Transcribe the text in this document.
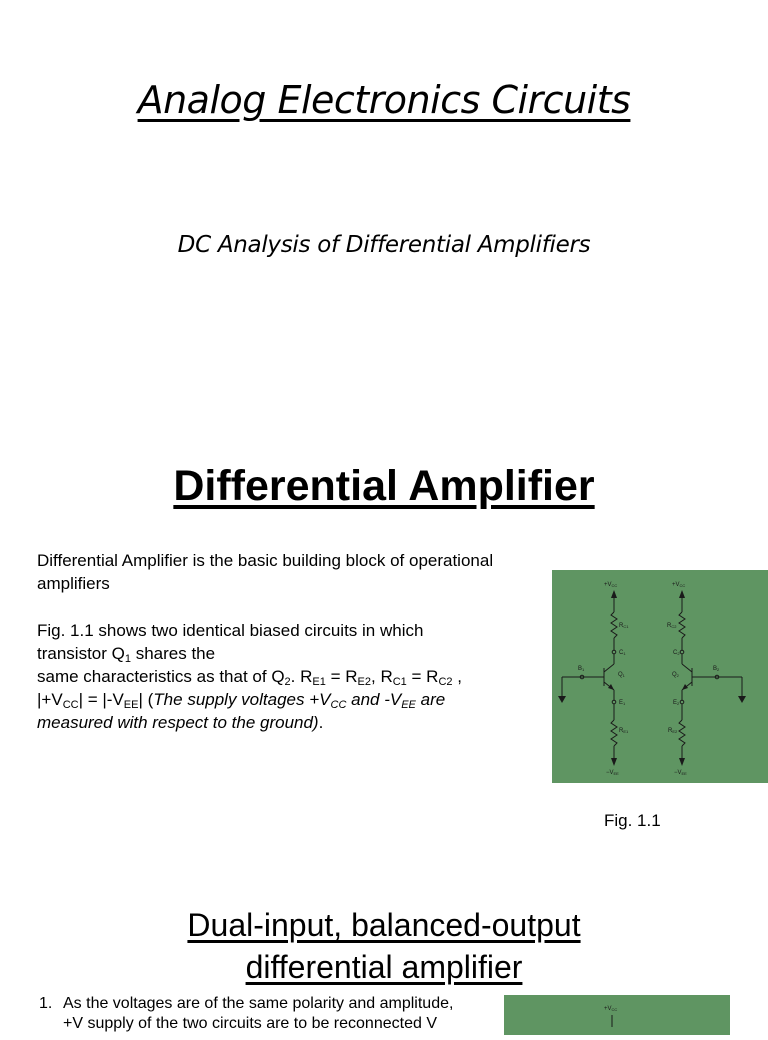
Analog Electronics Circuits
DC Analysis of Differential Amplifiers
Differential Amplifier

Differential Amplifier is the basic building block of operational amplifiers

Fig. 1.1 shows two identical biased circuits in which
transistor $Q_1$ shares the
same characteristics as that of $Q_2$. $R_{E1} = R_{E2}$, $R_{C1} = R_{C2}$ ,
$|+V_{CC}| = |-V_{EE}|$ (The supply voltages $+V_{CC}$ and $-V_{EE}$ are
measured with respect to the ground).

+VCC	+VCC
RC1	RC2
C1	C2
Q1	Q2
B1	B2
E1	E2
RE1	RE2
−VEE	−VEE
Fig. 1.1
Dual-input, balanced-output
differential amplifier
1. As the voltages are of the same polarity and amplitude,
+V supply of the two circuits are to be reconnected V
+VCC
